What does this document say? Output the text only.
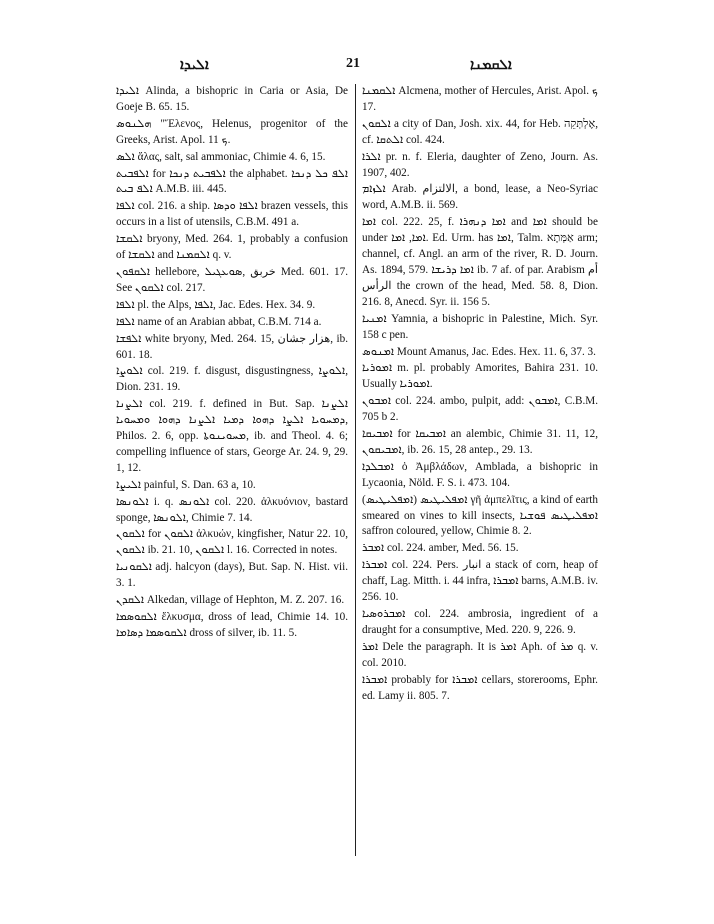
ܐܠܝܕܐ	21	ܐܠܩܡܢܐ

ܐܠܝܕܐ Alinda, a bishopric in Caria or Asia, De Goeje B. 65. 15.

ܗܠܢܘܣ "Ἕλενος, Helenus, progenitor of the Greeks, Arist. Apol. ܟ 11.

ܐܠܣ ἅλας, salt, sal ammoniac, Chimie 4. 6, 15.

ܐܠܦܒܝܬ for ܐܠܦܒܝܬ ܕܢܟܐ the alphabet. ܐܠܦ ܟܠ ܕܢܟܐ ܐܠܦ ܒܝܬ A.M.B. iii. 445.

ܐܠܦܐ col. 216. a ship. ܐܠܦܐ ܘܕܣܐ brazen vessels, this occurs in a list of utensils, C.B.M. 491 a.

ܐܠܩܫܐ bryony, Med. 264. 1, probably a confusion of ܐܠܩܫܐ and ܐܠܩܡܢܐ q. v.

ܐܠܩܦܘܢ hellebore, خربق ,ܣܘܥܓܝܠ Med. 601. 17. See ܐܠܩܘܢ col. 217.

ܐܠܦܐ pl. the Alps, ܐܠܦܐ, Jac. Edes. Hex. 34. 9.

ܐܠܦܐ name of an Arabian abbat, C.B.M. 714 a.

ܐܠܦܫܐ white bryony, Med. 264. 15, هزار جشان, ib. 601. 18.

ܐܠܘܨܐ col. 219. f. disgust, disgustingness, ܐܠܘܨܐ, Dion. 231. 19.

ܐܠܨܢܐ col. 219. f. defined in But. Sap. ܐܠܨܢܐ ܕܡܚܘܝܐ ܐܠܨܐ ܕܗܘܐ ܕܡܝܐ ܐܠܨܢܐ ܕܗܘܐ ܘܡܚܘܝܐ, Philos. 2. 6, opp. ܡܚܘܝܢܘܬܐ, ib. and Theol. 4. 6; compelling influence of stars, George Ar. 24. 9, 29. 1, 12.

ܐܠܝܨܐ painful, S. Dan. 63 a, 10.

ܐܠܘܢܣܐ i. q. ܐܠܘܢܣ col. 220. ἀλκυόνιον, bastard sponge, ܐܠܘܢܣܐ, Chimie 7. 14.

ܐܠܩܘܢ for ܐܠܩܘܢ ἀλκυών, kingfisher, Natur 22. 10, ܐܠܩܘܢ ib. 21. 10, ܐܠܩܘܢ l. 16. Corrected in notes.

ܐܠܩܘܢܝܐ adj. halcyon (days), But. Sap. N. Hist. vii. 3. 1.

ܐܠܩܕܢ Alkedan, village of Hephton, M. Z. 207. 16.

ܐܠܩܘܣܡܐ ἔλκυσμα, dross of lead, Chimie 14. 10. ܐܠܩܘܣܡܐ ܕܣܐܡܐ dross of silver, ib. 11. 5.

ܐܠܩܡܢܐ Alcmena, mother of Hercules, Arist. Apol. ܟ 17.

ܐܠܩܘܢ a city of Dan, Josh. xix. 44, for Heb. אֶלְתְּקֵה, cf. ܐܠܬܩܐ col. 424.

ܐܠܪܐ pr. n. f. Eleria, daughter of Zeno, Journ. As. 1907, 402.

ܐܠܙܐܡ Arab. الالتزام, a bond, lease, a Neo-Syriac word, A.M.B. ii. 569.

ܐܡܐ col. 222. 25, f. ܐܡܐ ܕܢܗܪܐ and ܐܡܐ should be under ܐܡܐ, ܐܡܐ. Ed. Urm. has ܐܡܐ, Talm. אַמְּתָא arm; channel, cf. Angl. an arm of the river, R. D. Journ. As. 1894, 579. ܐܡܐ ܕܪܝܫܐ ib. 7 af. of par. Arabism أم الرأس the crown of the head, Med. 58. 8, Dion. 216. 8, Anecd. Syr. ii. 156 5.

ܐܡܢܝܐ Yamnia, a bishopric in Palestine, Mich. Syr. 158 c pen.

ܐܡܢܘܣ Mount Amanus, Jac. Edes. Hex. 11. 6, 37. 3.

ܐܡܘܪܝܐ m. pl. probably Amorites, Bahira 231. 10. Usually ܐܡܘܪܝܐ.

ܐܡܒܘܢ col. 224. ambo, pulpit, add: ܐܡܒܘܢ, C.B.M. 705 b 2.

ܐܡܒܝܩܐ for ܐܡܒܝܩܐ an alembic, Chimie 31. 11, 12, ܐܡܒܝܩܘܢ, ib. 26. 15, 28 antep., 29. 13.

ܐܡܒܠܕܐ ὁ Ἀμβλάδων, Amblada, a bishopric in Lycaonia, Nöld. F. S. i. 473. 104.

ܐܡܦܠܝܛܝܣ (ܐܡܦܠܝܛܝܣ) γῆ ἀμπελῖτις, a kind of earth smeared on vines to kill insects, ܐܡܦܠܝܛܝܣ ܦܘܫܝܐ saffron coloured, yellow, Chimie 8. 2.

ܐܡܒܪ col. 224. amber, Med. 56. 15.

ܐܡܒܪܐ col. 224. Pers. انبار a stack of corn, heap of chaff, Lag. Mitth. i. 44 infra, ܐܡܒܪܐ barns, A.M.B. iv. 256. 10.

ܐܡܒܪܘܣܝܐ col. 224. ambrosia, ingredient of a draught for a consumptive, Med. 220. 9, 226. 9.

ܐܡܪ Dele the paragraph. It is ܐܡܪ Aph. of ܡܪ q. v. col. 2010.

ܐܡܒܪܐ probably for ܐܡܒܪܐ cellars, storerooms, Ephr. ed. Lamy ii. 805. 7.
